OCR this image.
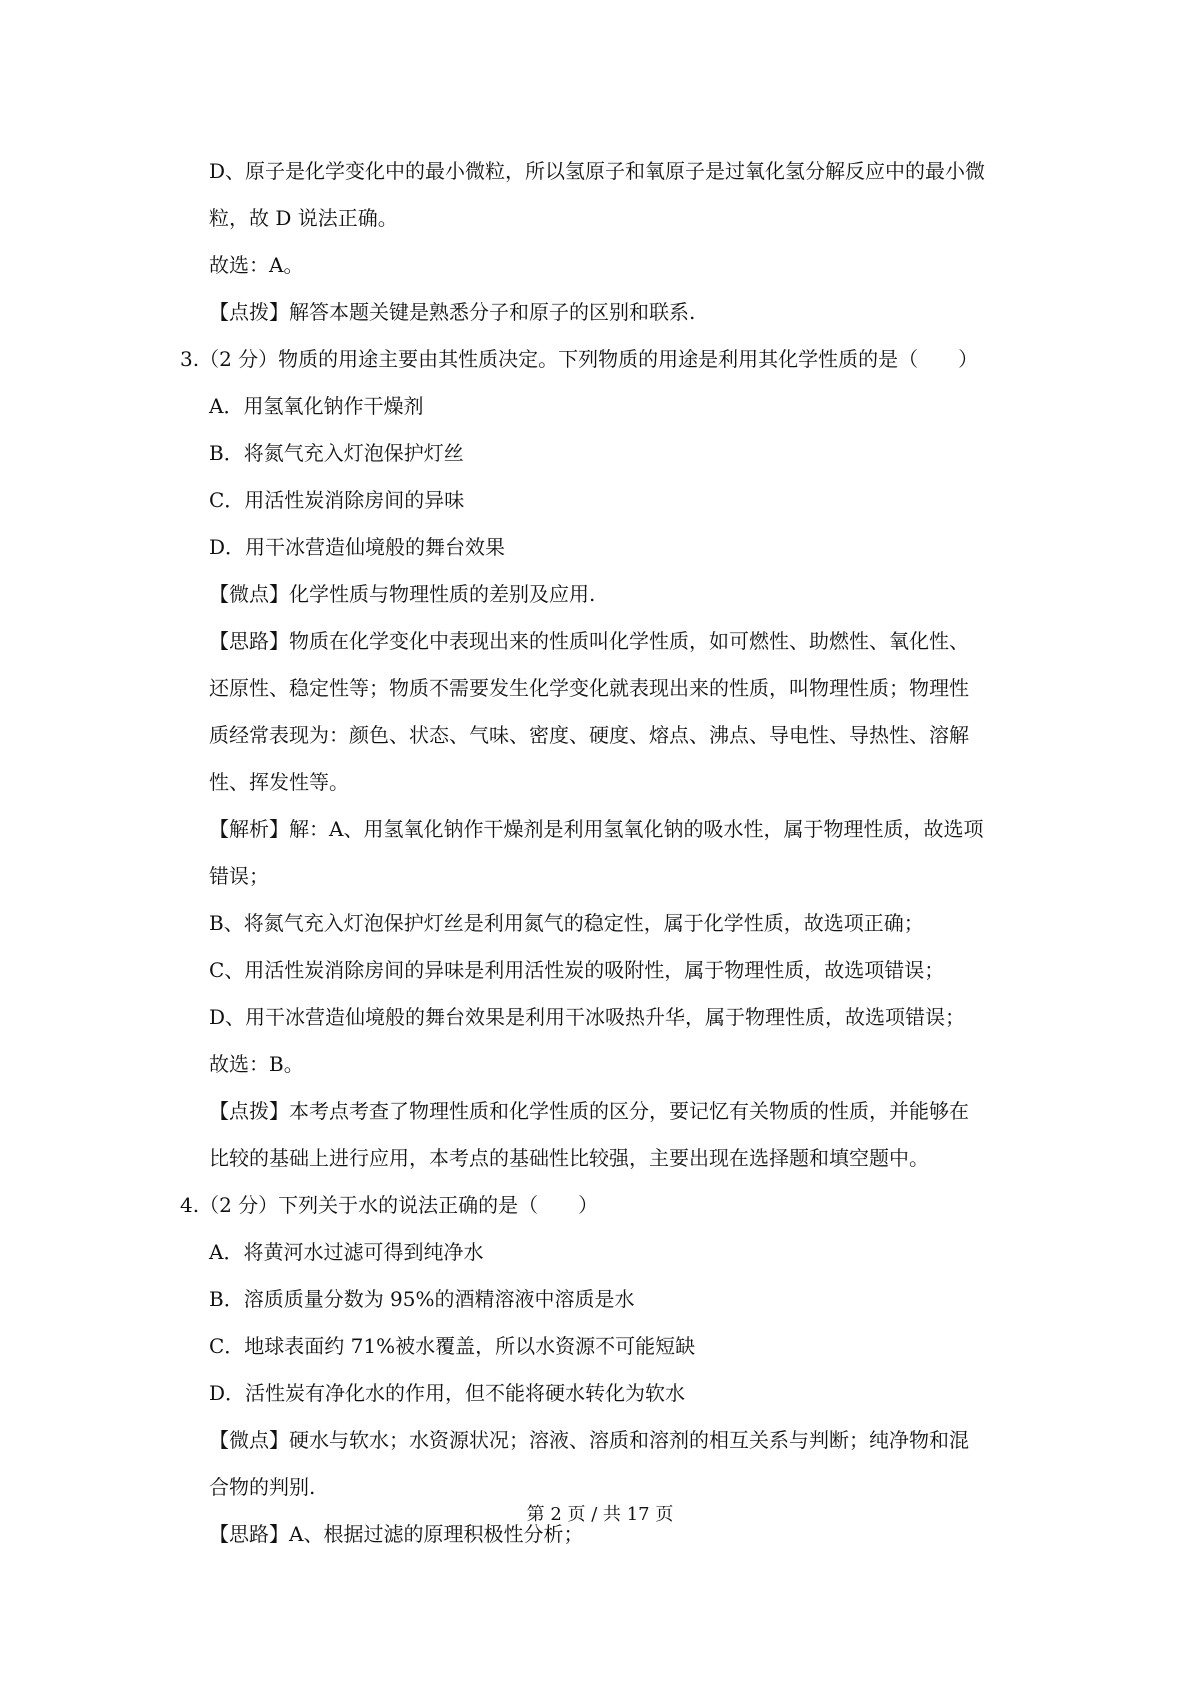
D、原子是化学变化中的最小微粒，所以氢原子和氧原子是过氧化氢分解反应中的最小微

粒，故 D 说法正确。

故选：A。

【点拨】解答本题关键是熟悉分子和原子的区别和联系.

3.（2 分）物质的用途主要由其性质决定。下列物质的用途是利用其化学性质的是（　　）

A．用氢氧化钠作干燥剂

B．将氮气充入灯泡保护灯丝

C．用活性炭消除房间的异味

D．用干冰营造仙境般的舞台效果

【微点】化学性质与物理性质的差别及应用.

【思路】物质在化学变化中表现出来的性质叫化学性质，如可燃性、助燃性、氧化性、

还原性、稳定性等；物质不需要发生化学变化就表现出来的性质，叫物理性质；物理性

质经常表现为：颜色、状态、气味、密度、硬度、熔点、沸点、导电性、导热性、溶解

性、挥发性等。

【解析】解：A、用氢氧化钠作干燥剂是利用氢氧化钠的吸水性，属于物理性质，故选项

错误；

B、将氮气充入灯泡保护灯丝是利用氮气的稳定性，属于化学性质，故选项正确；

C、用活性炭消除房间的异味是利用活性炭的吸附性，属于物理性质，故选项错误；

D、用干冰营造仙境般的舞台效果是利用干冰吸热升华，属于物理性质，故选项错误；

故选：B。

【点拨】本考点考查了物理性质和化学性质的区分，要记忆有关物质的性质，并能够在

比较的基础上进行应用，本考点的基础性比较强，主要出现在选择题和填空题中。

4.（2 分）下列关于水的说法正确的是（　　）

A．将黄河水过滤可得到纯净水

B．溶质质量分数为 95%的酒精溶液中溶质是水

C．地球表面约 71%被水覆盖，所以水资源不可能短缺

D．活性炭有净化水的作用，但不能将硬水转化为软水

【微点】硬水与软水；水资源状况；溶液、溶质和溶剂的相互关系与判断；纯净物和混

合物的判别.

【思路】A、根据过滤的原理积极性分析；

第 2 页 / 共 17 页
